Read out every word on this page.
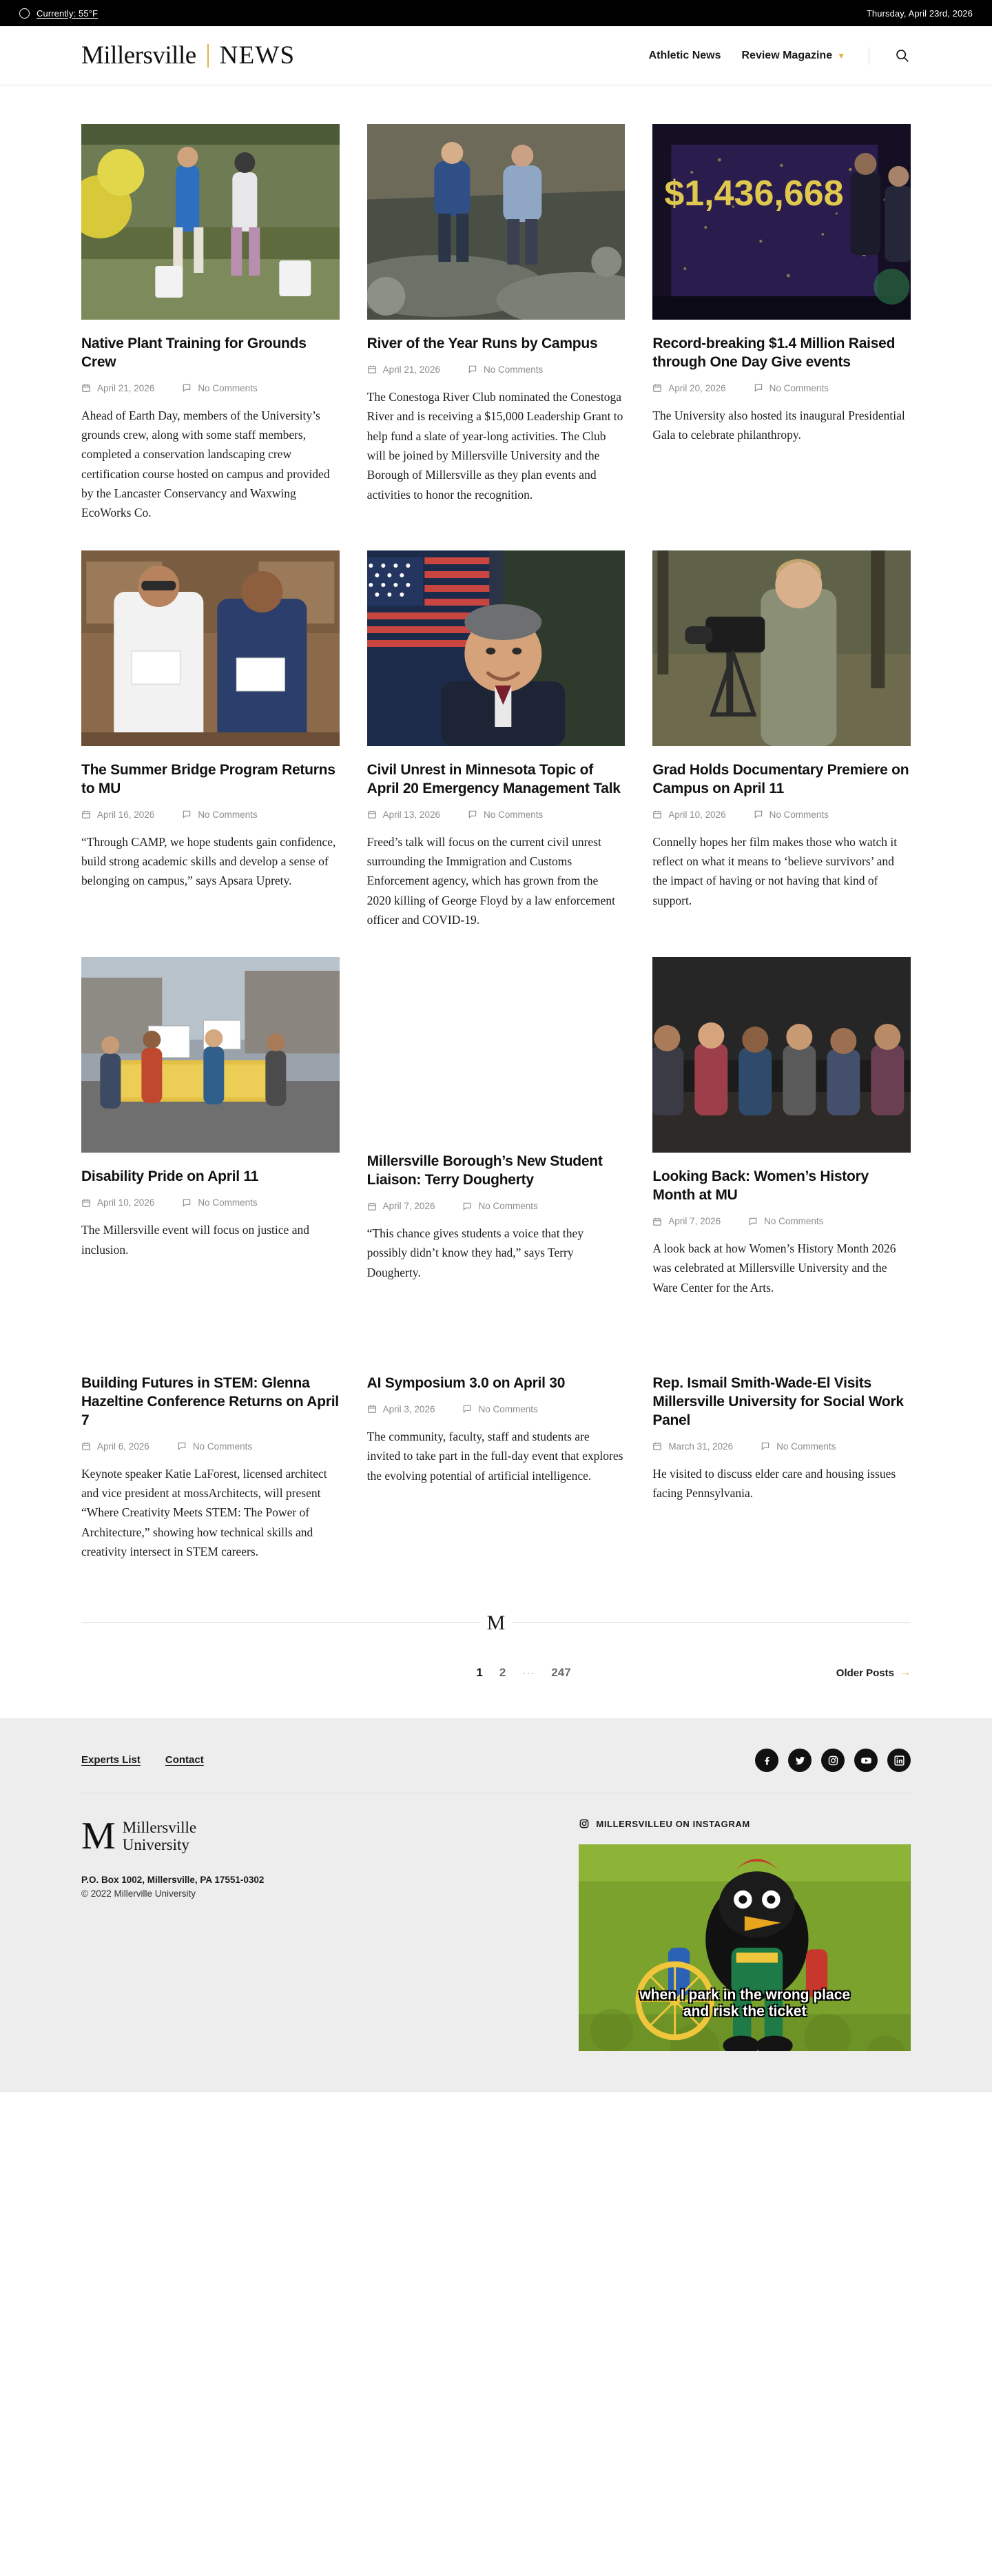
Currently: 55°F	Thursday, April 23rd, 2026
Millersville NEWS	Athletic News Review Magazine ▼
Native Plant Training for Grounds Crew
April 21, 2026	No Comments

Ahead of Earth Day, members of the University’s grounds crew, along with some staff members, completed a conservation landscaping crew certification course hosted on campus and provided by the Lancaster Conservancy and Waxwing EcoWorks Co.

River of the Year Runs by Campus
April 21, 2026	No Comments

The Conestoga River Club nominated the Conestoga River and is receiving a $15,000 Leadership Grant to help fund a slate of year-long activities. The Club will be joined by Millersville University and the Borough of Millersville as they plan events and activities to honor the recognition.

$1,436,668
Record-breaking $1.4 Million Raised through One Day Give events
April 20, 2026	No Comments

The University also hosted its inaugural Presidential Gala to celebrate philanthropy.

The Summer Bridge Program Returns to MU
April 16, 2026	No Comments

“Through CAMP, we hope students gain confidence, build strong academic skills and develop a sense of belonging on campus,” says Apsara Uprety.

Civil Unrest in Minnesota Topic of April 20 Emergency Management Talk
April 13, 2026	No Comments

Freed’s talk will focus on the current civil unrest surrounding the Immigration and Customs Enforcement agency, which has grown from the 2020 killing of George Floyd by a law enforcement officer and COVID-19.

Grad Holds Documentary Premiere on Campus on April 11
April 10, 2026	No Comments

Connelly hopes her film makes those who watch it reflect on what it means to ‘believe survivors’ and the impact of having or not having that kind of support.

Disability Pride on April 11
April 10, 2026	No Comments

The Millersville event will focus on justice and inclusion.

Millersville Borough’s New Student Liaison: Terry Dougherty
April 7, 2026	No Comments

“This chance gives students a voice that they possibly didn’t know they had,” says Terry Dougherty.

Looking Back: Women’s History Month at MU
April 7, 2026	No Comments

A look back at how Women’s History Month 2026 was celebrated at Millersville University and the Ware Center for the Arts.

Building Futures in STEM: Glenna Hazeltine Conference Returns on April 7
April 6, 2026	No Comments

Keynote speaker Katie LaForest, licensed architect and vice president at mossArchitects, will present “Where Creativity Meets STEM: The Power of Architecture,” showing how technical skills and creativity intersect in STEM careers.

AI Symposium 3.0 on April 30
April 3, 2026	No Comments

The community, faculty, staff and students are invited to take part in the full-day event that explores the evolving potential of artificial intelligence.

Rep. Ismail Smith-Wade-El Visits Millersville University for Social Work Panel
March 31, 2026	No Comments

He visited to discuss elder care and housing issues facing Pennsylvania.

M
1 2 ··· 247	Older Posts →
Experts List Contact
M Millersville
University
P.O. Box 1002, Millersville, PA 17551-0302
© 2022 Millerville University
MILLERSVILLEU ON INSTAGRAM
when I park in the wrong place
and risk the ticket
